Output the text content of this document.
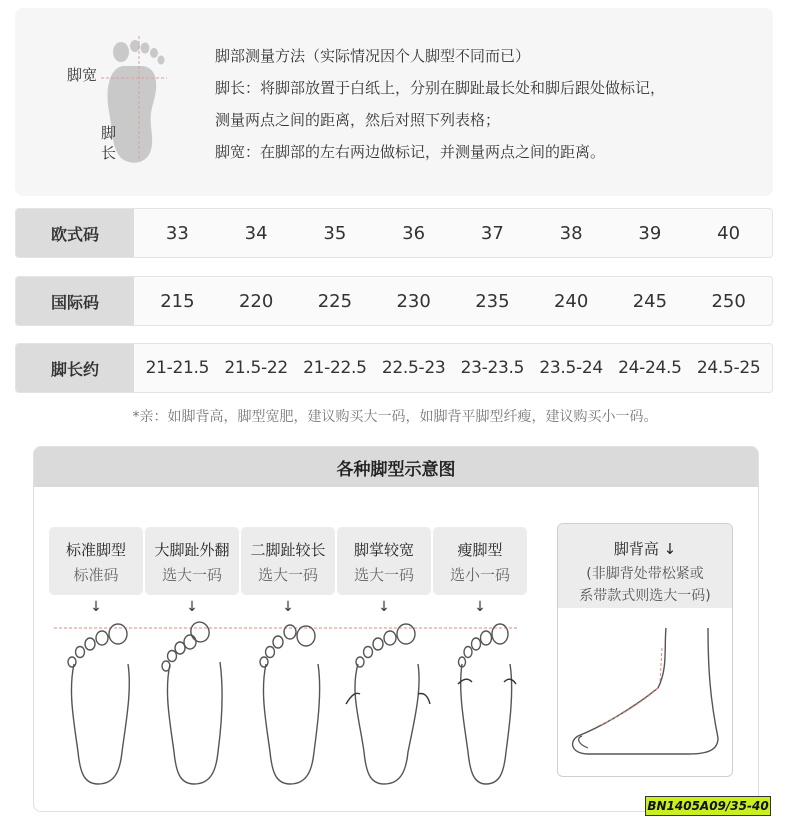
脚宽
脚长
脚部测量方法（实际情况因个人脚型不同而已）
脚长：将脚部放置于白纸上，分别在脚趾最长处和脚后跟处做标记，
测量两点之间的距离，然后对照下列表格；
脚宽：在脚部的左右两边做标记，并测量两点之间的距离。
欧式码	33	34	35	36	37	38	39	40
国际码	215 220 225 230 235 240 245 250
脚长约	21-21.5 21.5-22 21-22.5 22.5-23 23-23.5 23.5-24 24-24.5 24.5-25
*亲：如脚背高，脚型宽肥，建议购买大一码，如脚背平脚型纤瘦，建议购买小一码。
各种脚型示意图
标准脚型
标准码
大脚趾外翻
选大一码
二脚趾较长
选大一码
脚掌较宽
选大一码
瘦脚型
选小一码
↓	↓	↓	↓	↓
脚背高 ↓
(非脚背处带松紧或
系带款式则选大一码)
BN1405A09/35-40
